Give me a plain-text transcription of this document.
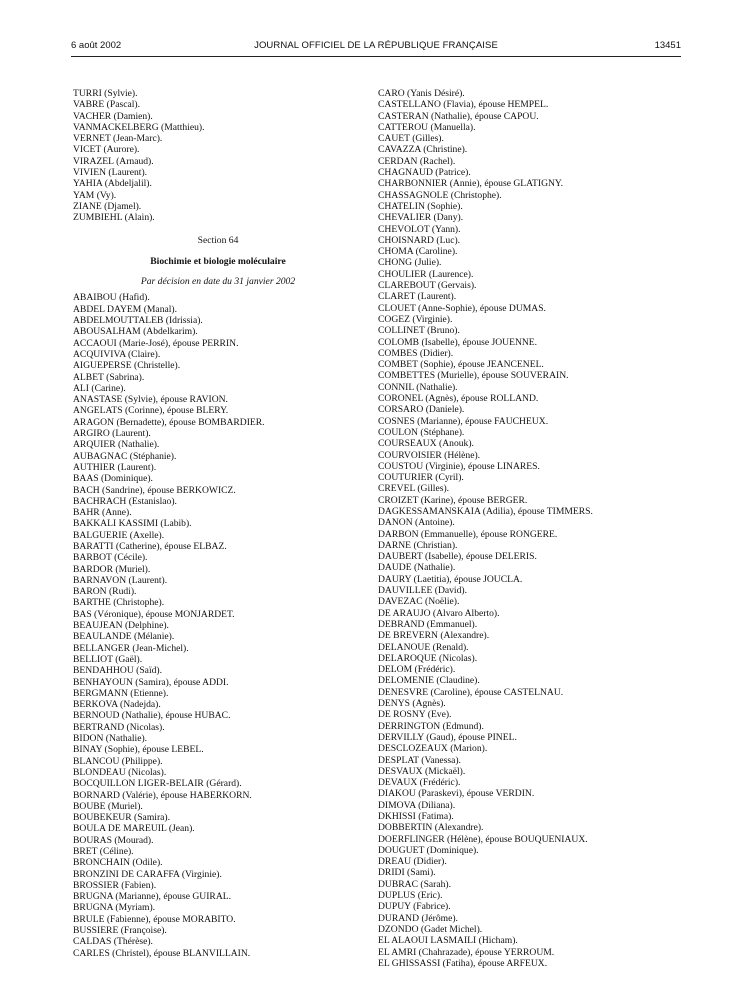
6 août 2002	JOURNAL OFFICIEL DE LA RÉPUBLIQUE FRANÇAISE	13451
TURRI (Sylvie).
VABRE (Pascal).
VACHER (Damien).
VANMACKELBERG (Matthieu).
VERNET (Jean-Marc).
VICET (Aurore).
VIRAZEL (Arnaud).
VIVIEN (Laurent).
YAHIA (Abdeljalil).
YAM (Vy).
ZIANE (Djamel).
ZUMBIEHL (Alain).
Section 64
Biochimie et biologie moléculaire
Par décision en date du 31 janvier 2002
ABAIBOU (Hafid).
ABDEL DAYEM (Manal).
ABDELMOUTTALEB (Idrissia).
ABOUSALHAM (Abdelkarim).
ACCAOUI (Marie-José), épouse PERRIN.
ACQUIVIVA (Claire).
AIGUEPERSE (Christelle).
ALBET (Sabrina).
ALI (Carine).
ANASTASE (Sylvie), épouse RAVION.
ANGELATS (Corinne), épouse BLERY.
ARAGON (Bernadette), épouse BOMBARDIER.
ARGIRO (Laurent).
ARQUIER (Nathalie).
AUBAGNAC (Stéphanie).
AUTHIER (Laurent).
BAAS (Dominique).
BACH (Sandrine), épouse BERKOWICZ.
BACHRACH (Estanislao).
BAHR (Anne).
BAKKALI KASSIMI (Labib).
BALGUERIE (Axelle).
BARATTI (Catherine), épouse ELBAZ.
BARBOT (Cécile).
BARDOR (Muriel).
BARNAVON (Laurent).
BARON (Rudi).
BARTHE (Christophe).
BAS (Véronique), épouse MONJARDET.
BEAUJEAN (Delphine).
BEAULANDE (Mélanie).
BELLANGER (Jean-Michel).
BELLIOT (Gaël).
BENDAHHOU (Saïd).
BENHAYOUN (Samira), épouse ADDI.
BERGMANN (Etienne).
BERKOVA (Nadejda).
BERNOUD (Nathalie), épouse HUBAC.
BERTRAND (Nicolas).
BIDON (Nathalie).
BINAY (Sophie), épouse LEBEL.
BLANCOU (Philippe).
BLONDEAU (Nicolas).
BOCQUILLON LIGER-BELAIR (Gérard).
BORNARD (Valérie), épouse HABERKORN.
BOUBE (Muriel).
BOUBEKEUR (Samira).
BOULA DE MAREUIL (Jean).
BOURAS (Mourad).
BRET (Céline).
BRONCHAIN (Odile).
BRONZINI DE CARAFFA (Virginie).
BROSSIER (Fabien).
BRUGNA (Marianne), épouse GUIRAL.
BRUGNA (Myriam).
BRULE (Fabienne), épouse MORABITO.
BUSSIERE (Françoise).
CALDAS (Thérèse).
CARLES (Christel), épouse BLANVILLAIN.
CARO (Yanis Désiré).
CASTELLANO (Flavia), épouse HEMPEL.
CASTERAN (Nathalie), épouse CAPOU.
CATTEROU (Manuella).
CAUET (Gilles).
CAVAZZA (Christine).
CERDAN (Rachel).
CHAGNAUD (Patrice).
CHARBONNIER (Annie), épouse GLATIGNY.
CHASSAGNOLE (Christophe).
CHATELIN (Sophie).
CHEVALIER (Dany).
CHEVOLOT (Yann).
CHOISNARD (Luc).
CHOMA (Caroline).
CHONG (Julie).
CHOULIER (Laurence).
CLAREBOUT (Gervais).
CLARET (Laurent).
CLOUET (Anne-Sophie), épouse DUMAS.
COGEZ (Virginie).
COLLINET (Bruno).
COLOMB (Isabelle), épouse JOUENNE.
COMBES (Didier).
COMBET (Sophie), épouse JEANCENEL.
COMBETTES (Murielle), épouse SOUVERAIN.
CONNIL (Nathalie).
CORONEL (Agnès), épouse ROLLAND.
CORSARO (Daniele).
COSNES (Marianne), épouse FAUCHEUX.
COULON (Stéphane).
COURSEAUX (Anouk).
COURVOISIER (Hélène).
COUSTOU (Virginie), épouse LINARES.
COUTURIER (Cyril).
CREVEL (Gilles).
CROIZET (Karine), épouse BERGER.
DAGKESSAMANSKAIA (Adilia), épouse TIMMERS.
DANON (Antoine).
DARBON (Emmanuelle), épouse RONGERE.
DARNE (Christian).
DAUBERT (Isabelle), épouse DELERIS.
DAUDE (Nathalie).
DAURY (Laetitia), épouse JOUCLA.
DAUVILLEE (David).
DAVEZAC (Noëlie).
DE ARAUJO (Alvaro Alberto).
DEBRAND (Emmanuel).
DE BREVERN (Alexandre).
DELANOUE (Renald).
DELAROQUE (Nicolas).
DELOM (Frédéric).
DELOMENIE (Claudine).
DENESVRE (Caroline), épouse CASTELNAU.
DENYS (Agnès).
DE ROSNY (Eve).
DERRINGTON (Edmund).
DERVILLY (Gaud), épouse PINEL.
DESCLOZEAUX (Marion).
DESPLAT (Vanessa).
DESVAUX (Mickaël).
DEVAUX (Frédéric).
DIAKOU (Paraskevi), épouse VERDIN.
DIMOVA (Diliana).
DKHISSI (Fatima).
DOBBERTIN (Alexandre).
DOERFLINGER (Hélène), épouse BOUQUENIAUX.
DOUGUET (Dominique).
DREAU (Didier).
DRIDI (Sami).
DUBRAC (Sarah).
DUPLUS (Eric).
DUPUY (Fabrice).
DURAND (Jérôme).
DZONDO (Gadet Michel).
EL ALAOUI LASMAILI (Hicham).
EL AMRI (Chahrazade), épouse YERROUM.
EL GHISSASSI (Fatiha), épouse ARFEUX.
